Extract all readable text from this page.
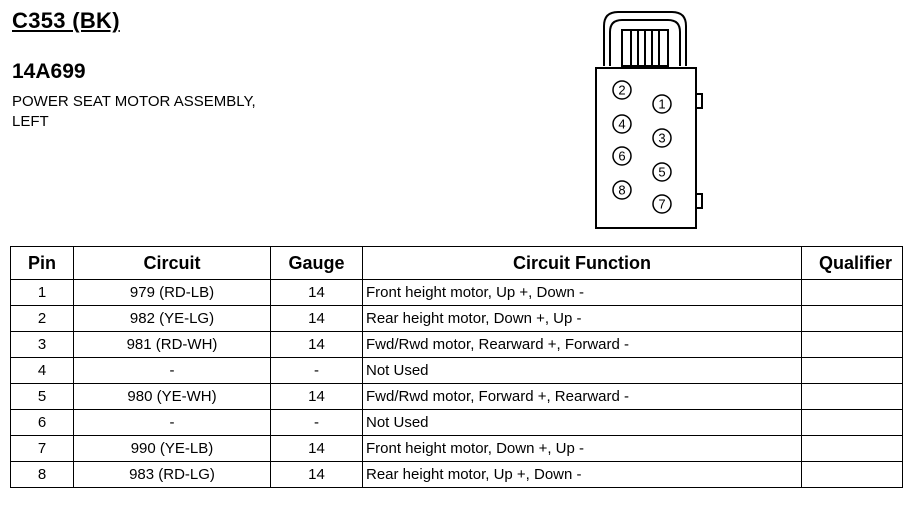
C353 (BK)
14A699
POWER SEAT MOTOR ASSEMBLY,
LEFT
2
1
4
3
6
5
8
7
Pin	Circuit	Gauge	Circuit Function	Qualifier
1	979 (RD-LB)	14	Front height motor, Up +, Down -	
2	982 (YE-LG)	14	Rear height motor, Down +, Up -	
3	981 (RD-WH)	14	Fwd/Rwd motor, Rearward +, Forward -	
4	-	-	Not Used	
5	980 (YE-WH)	14	Fwd/Rwd motor, Forward +, Rearward -	
6	-	-	Not Used	
7	990 (YE-LB)	14	Front height motor, Down +, Up -	
8	983 (RD-LG)	14	Rear height motor, Up +, Down -	
